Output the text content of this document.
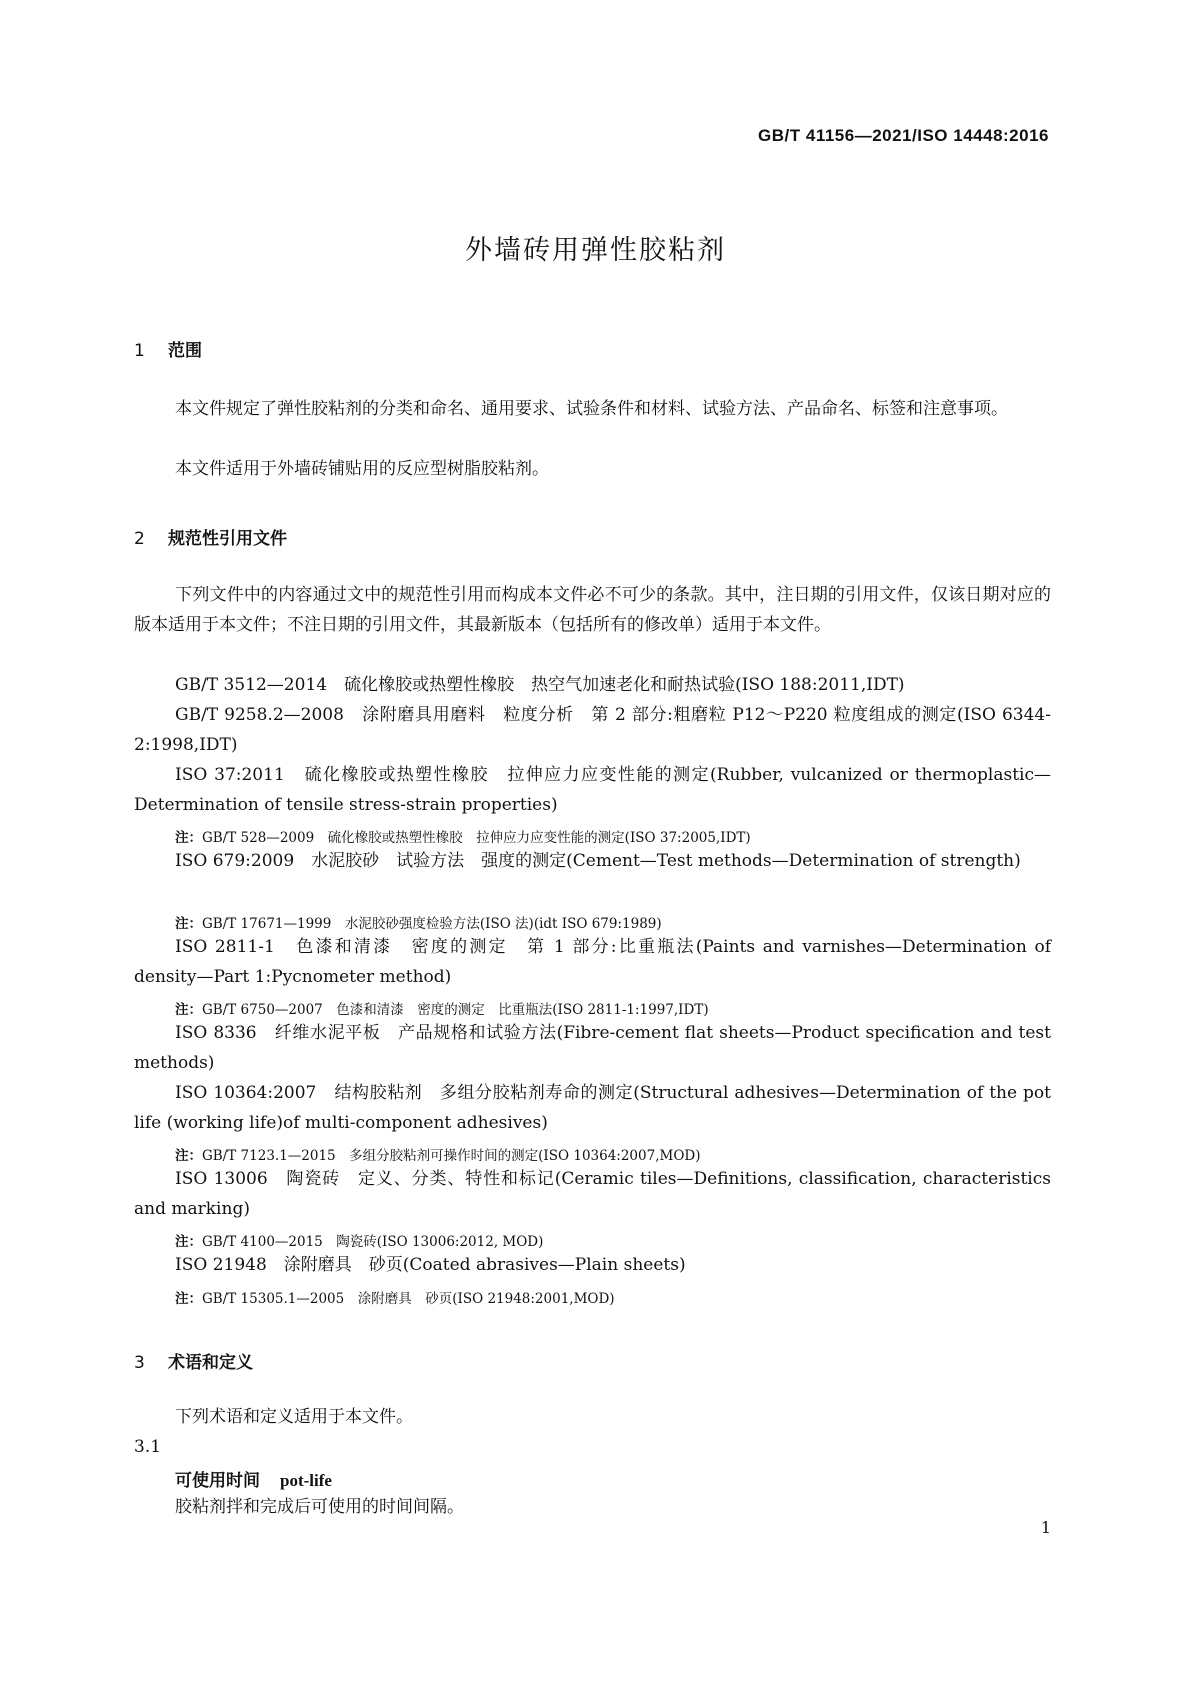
GB/T 41156—2021/ISO 14448:2016
外墙砖用弹性胶粘剂
1 范围
本文件规定了弹性胶粘剂的分类和命名、通用要求、试验条件和材料、试验方法、产品命名、标签和注意事项。
本文件适用于外墙砖铺贴用的反应型树脂胶粘剂。
2 规范性引用文件
下列文件中的内容通过文中的规范性引用而构成本文件必不可少的条款。其中，注日期的引用文件，仅该日期对应的版本适用于本文件；不注日期的引用文件，其最新版本（包括所有的修改单）适用于本文件。
GB/T 3512—2014　硫化橡胶或热塑性橡胶　热空气加速老化和耐热试验(ISO 188:2011,IDT)
GB/T 9258.2—2008　涂附磨具用磨料　粒度分析　第 2 部分:粗磨粒 P12～P220 粒度组成的测定(ISO 6344-2:1998,IDT)
ISO 37:2011　硫化橡胶或热塑性橡胶　拉伸应力应变性能的测定(Rubber, vulcanized or thermoplastic—Determination of tensile stress-strain properties)
注：GB/T 528—2009　硫化橡胶或热塑性橡胶　拉伸应力应变性能的测定(ISO 37:2005,IDT)
ISO 679:2009　水泥胶砂　试验方法　强度的测定(Cement—Test methods—Determination of strength)
注：GB/T 17671—1999　水泥胶砂强度检验方法(ISO 法)(idt ISO 679:1989)
ISO 2811-1　色漆和清漆　密度的测定　第 1 部分:比重瓶法(Paints and varnishes—Determination of density—Part 1:Pycnometer method)
注：GB/T 6750—2007　色漆和清漆　密度的测定　比重瓶法(ISO 2811-1:1997,IDT)
ISO 8336　纤维水泥平板　产品规格和试验方法(Fibre-cement flat sheets—Product specification and test methods)
ISO 10364:2007　结构胶粘剂　多组分胶粘剂寿命的测定(Structural adhesives—Determination of the pot life (working life)of multi-component adhesives)
注：GB/T 7123.1—2015　多组分胶粘剂可操作时间的测定(ISO 10364:2007,MOD)
ISO 13006　陶瓷砖　定义、分类、特性和标记(Ceramic tiles—Definitions, classification, characteristics and marking)
注：GB/T 4100—2015　陶瓷砖(ISO 13006:2012, MOD)
ISO 21948　涂附磨具　砂页(Coated abrasives—Plain sheets)
注：GB/T 15305.1—2005　涂附磨具　砂页(ISO 21948:2001,MOD)
3 术语和定义
下列术语和定义适用于本文件。
3.1
可使用时间 pot-life
胶粘剂拌和完成后可使用的时间间隔。
1
